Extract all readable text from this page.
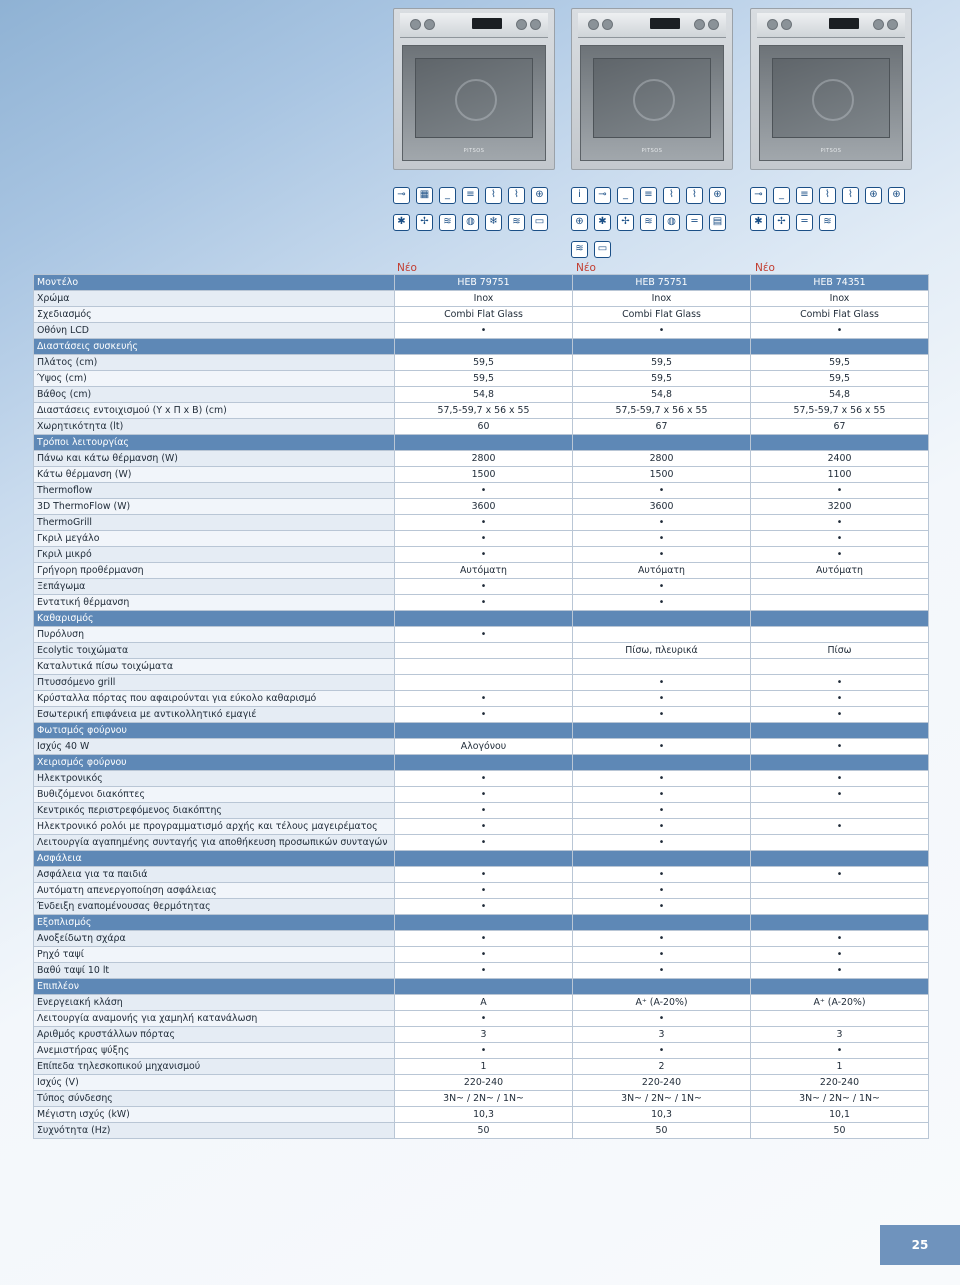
PITSOS	PITSOS	PITSOS
⊸	▦	_	≡	⌇	⌇	⊕
✱	✢	≋	◍	❄	≋	▭
i	⊸	_	≡	⌇	⌇	⊕
⊕	✱	✢	≋	◍	═	▤
≋	▭
⊸	_	≡	⌇	⌇	⊕	⊕
✱	✢	═	≋
Νέο	Νέο	Νέο
Μοντέλο	HEB 79751	HEB 75751	HEB 74351
Χρώμα	Inox	Inox	Inox
Σχεδιασμός	Combi Flat Glass	Combi Flat Glass	Combi Flat Glass
Οθόνη LCD	•	•	•
Διαστάσεις συσκευής			
Πλάτος (cm)	59,5	59,5	59,5
Ύψος (cm)	59,5	59,5	59,5
Βάθος (cm)	54,8	54,8	54,8
Διαστάσεις εντοιχισμού (Υ x Π x Β) (cm)	57,5-59,7 x 56 x 55	57,5-59,7 x 56 x 55	57,5-59,7 x 56 x 55
Χωρητικότητα (lt)	60	67	67
Τρόποι λειτουργίας			
Πάνω και κάτω θέρμανση (W)	2800	2800	2400
Κάτω θέρμανση (W)	1500	1500	1100
Thermoflow	•	•	•
3D ThermoFlow (W)	3600	3600	3200
ThermoGrill	•	•	•
Γκριλ μεγάλο	•	•	•
Γκριλ μικρό	•	•	•
Γρήγορη προθέρμανση	Αυτόματη	Αυτόματη	Αυτόματη
Ξεπάγωμα	•	•	
Εντατική θέρμανση	•	•	
Καθαρισμός			
Πυρόλυση	•		
Ecolytic τοιχώματα		Πίσω, πλευρικά	Πίσω
Καταλυτικά πίσω τοιχώματα			
Πτυσσόμενο grill		•	•
Κρύσταλλα πόρτας που αφαιρούνται για εύκολο καθαρισμό	•	•	•
Εσωτερική επιφάνεια με αντικολλητικό εμαγιέ	•	•	•
Φωτισμός φούρνου			
Ισχύς 40 W	Αλογόνου	•	•
Χειρισμός φούρνου			
Ηλεκτρονικός	•	•	•
Βυθιζόμενοι διακόπτες	•	•	•
Κεντρικός περιστρεφόμενος διακόπτης	•	•	
Ηλεκτρονικό ρολόι με προγραμματισμό αρχής και τέλους μαγειρέματος	•	•	•
Λειτουργία αγαπημένης συνταγής για αποθήκευση προσωπικών συνταγών	•	•	
Ασφάλεια			
Ασφάλεια για τα παιδιά	•	•	•
Αυτόματη απενεργοποίηση ασφάλειας	•	•	
Ένδειξη εναπομένουσας θερμότητας	•	•	
Εξοπλισμός			
Ανοξείδωτη σχάρα	•	•	•
Ρηχό ταψί	•	•	•
Βαθύ ταψί 10 lt	•	•	•
Επιπλέον			
Ενεργειακή κλάση	A	A⁺ (A-20%)	A⁺ (A-20%)
Λειτουργία αναμονής για χαμηλή κατανάλωση	•	•	
Αριθμός κρυστάλλων πόρτας	3	3	3
Ανεμιστήρας ψύξης	•	•	•
Επίπεδα τηλεσκοπικού μηχανισμού	1	2	1
Ισχύς (V)	220-240	220-240	220-240
Τύπος σύνδεσης	3N~ / 2N~ / 1N~	3N~ / 2N~ / 1N~	3N~ / 2N~ / 1N~
Μέγιστη ισχύς (kW)	10,3	10,3	10,1
Συχνότητα (Hz)	50	50	50
25
